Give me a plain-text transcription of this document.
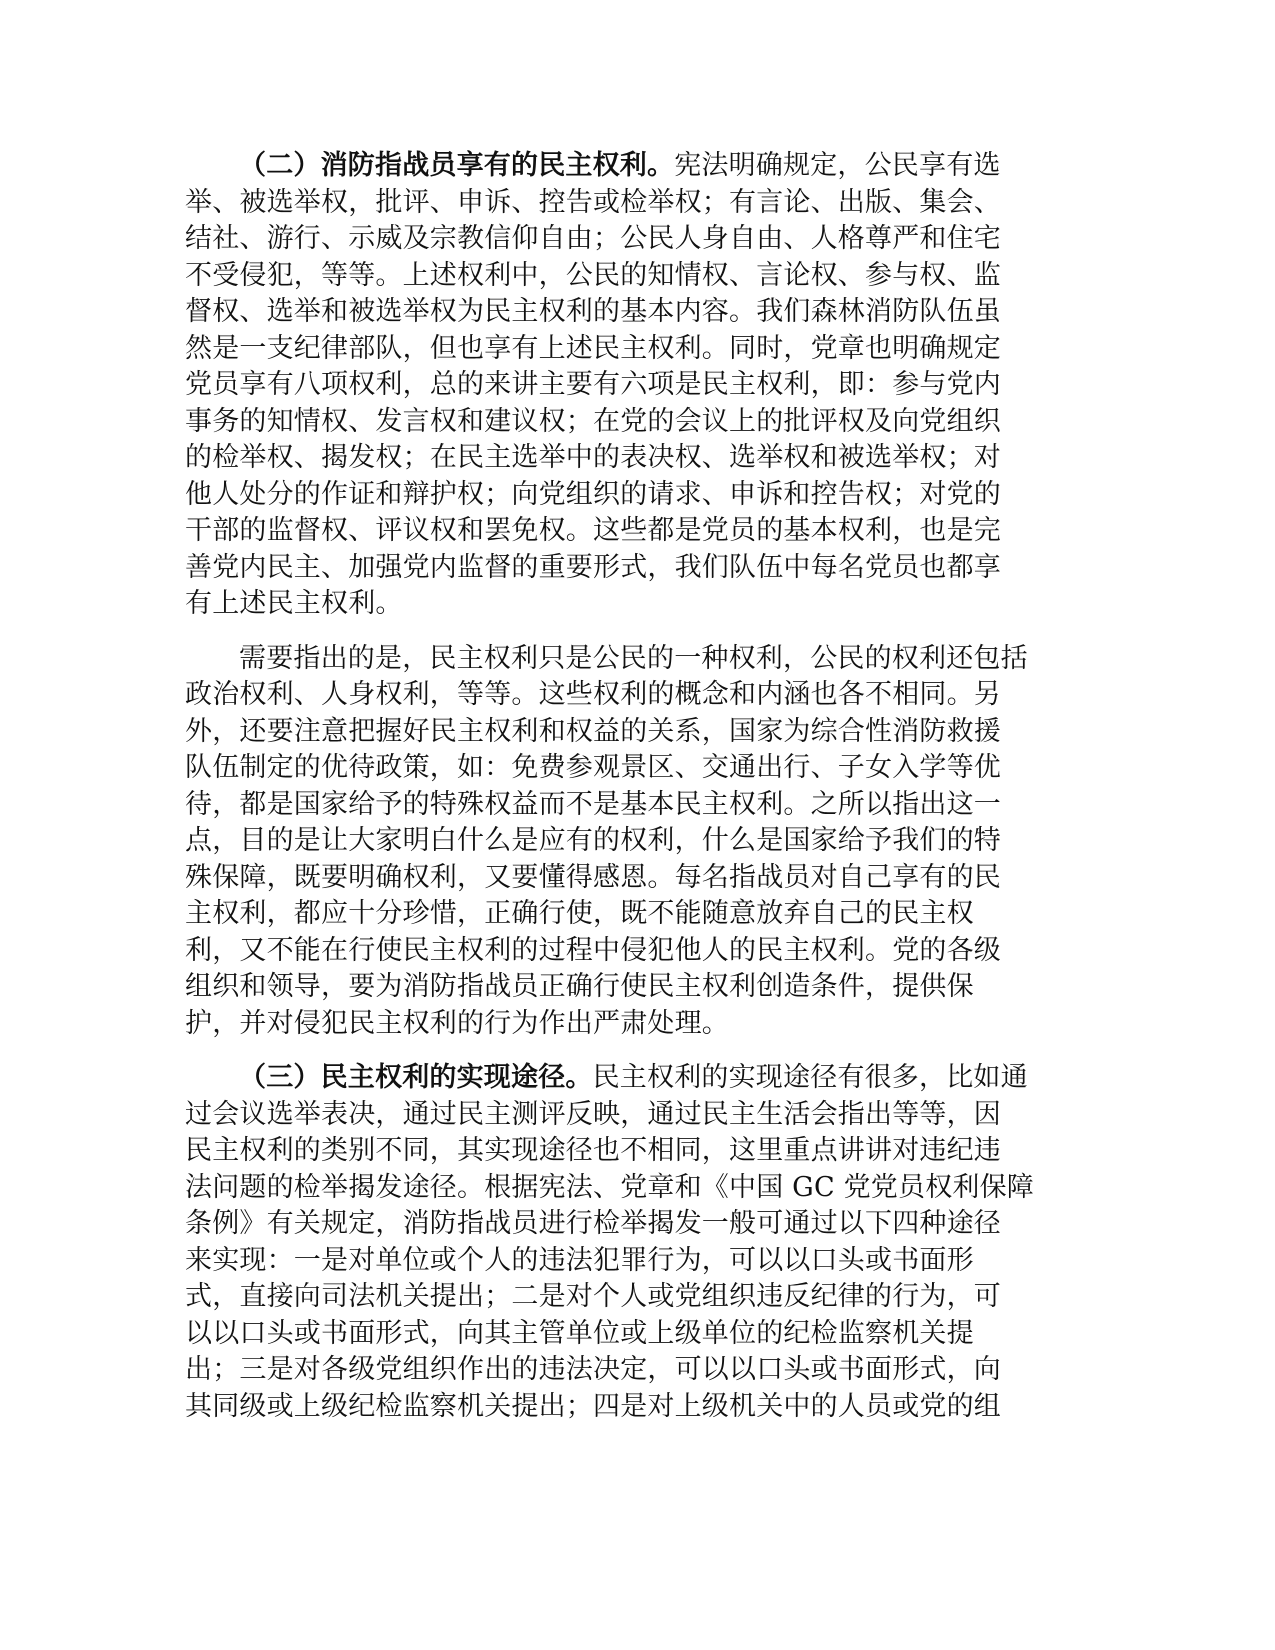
（二）消防指战员享有的民主权利。宪法明确规定，公民享有选
举、被选举权，批评、申诉、控告或检举权；有言论、出版、集会、
结社、游行、示威及宗教信仰自由；公民人身自由、人格尊严和住宅
不受侵犯，等等。上述权利中，公民的知情权、言论权、参与权、监
督权、选举和被选举权为民主权利的基本内容。我们森林消防队伍虽
然是一支纪律部队，但也享有上述民主权利。同时，党章也明确规定
党员享有八项权利，总的来讲主要有六项是民主权利，即：参与党内
事务的知情权、发言权和建议权；在党的会议上的批评权及向党组织
的检举权、揭发权；在民主选举中的表决权、选举权和被选举权；对
他人处分的作证和辩护权；向党组织的请求、申诉和控告权；对党的
干部的监督权、评议权和罢免权。这些都是党员的基本权利，也是完
善党内民主、加强党内监督的重要形式，我们队伍中每名党员也都享
有上述民主权利。
需要指出的是，民主权利只是公民的一种权利，公民的权利还包括
政治权利、人身权利，等等。这些权利的概念和内涵也各不相同。另
外，还要注意把握好民主权利和权益的关系，国家为综合性消防救援
队伍制定的优待政策，如：免费参观景区、交通出行、子女入学等优
待，都是国家给予的特殊权益而不是基本民主权利。之所以指出这一
点，目的是让大家明白什么是应有的权利，什么是国家给予我们的特
殊保障，既要明确权利，又要懂得感恩。每名指战员对自己享有的民
主权利，都应十分珍惜，正确行使，既不能随意放弃自己的民主权
利，又不能在行使民主权利的过程中侵犯他人的民主权利。党的各级
组织和领导，要为消防指战员正确行使民主权利创造条件，提供保
护，并对侵犯民主权利的行为作出严肃处理。
（三）民主权利的实现途径。民主权利的实现途径有很多，比如通
过会议选举表决，通过民主测评反映，通过民主生活会指出等等，因
民主权利的类别不同，其实现途径也不相同，这里重点讲讲对违纪违
法问题的检举揭发途径。根据宪法、党章和《中国 GC 党党员权利保障
条例》有关规定，消防指战员进行检举揭发一般可通过以下四种途径
来实现：一是对单位或个人的违法犯罪行为，可以以口头或书面形
式，直接向司法机关提出；二是对个人或党组织违反纪律的行为，可
以以口头或书面形式，向其主管单位或上级单位的纪检监察机关提
出；三是对各级党组织作出的违法决定，可以以口头或书面形式，向
其同级或上级纪检监察机关提出；四是对上级机关中的人员或党的组
